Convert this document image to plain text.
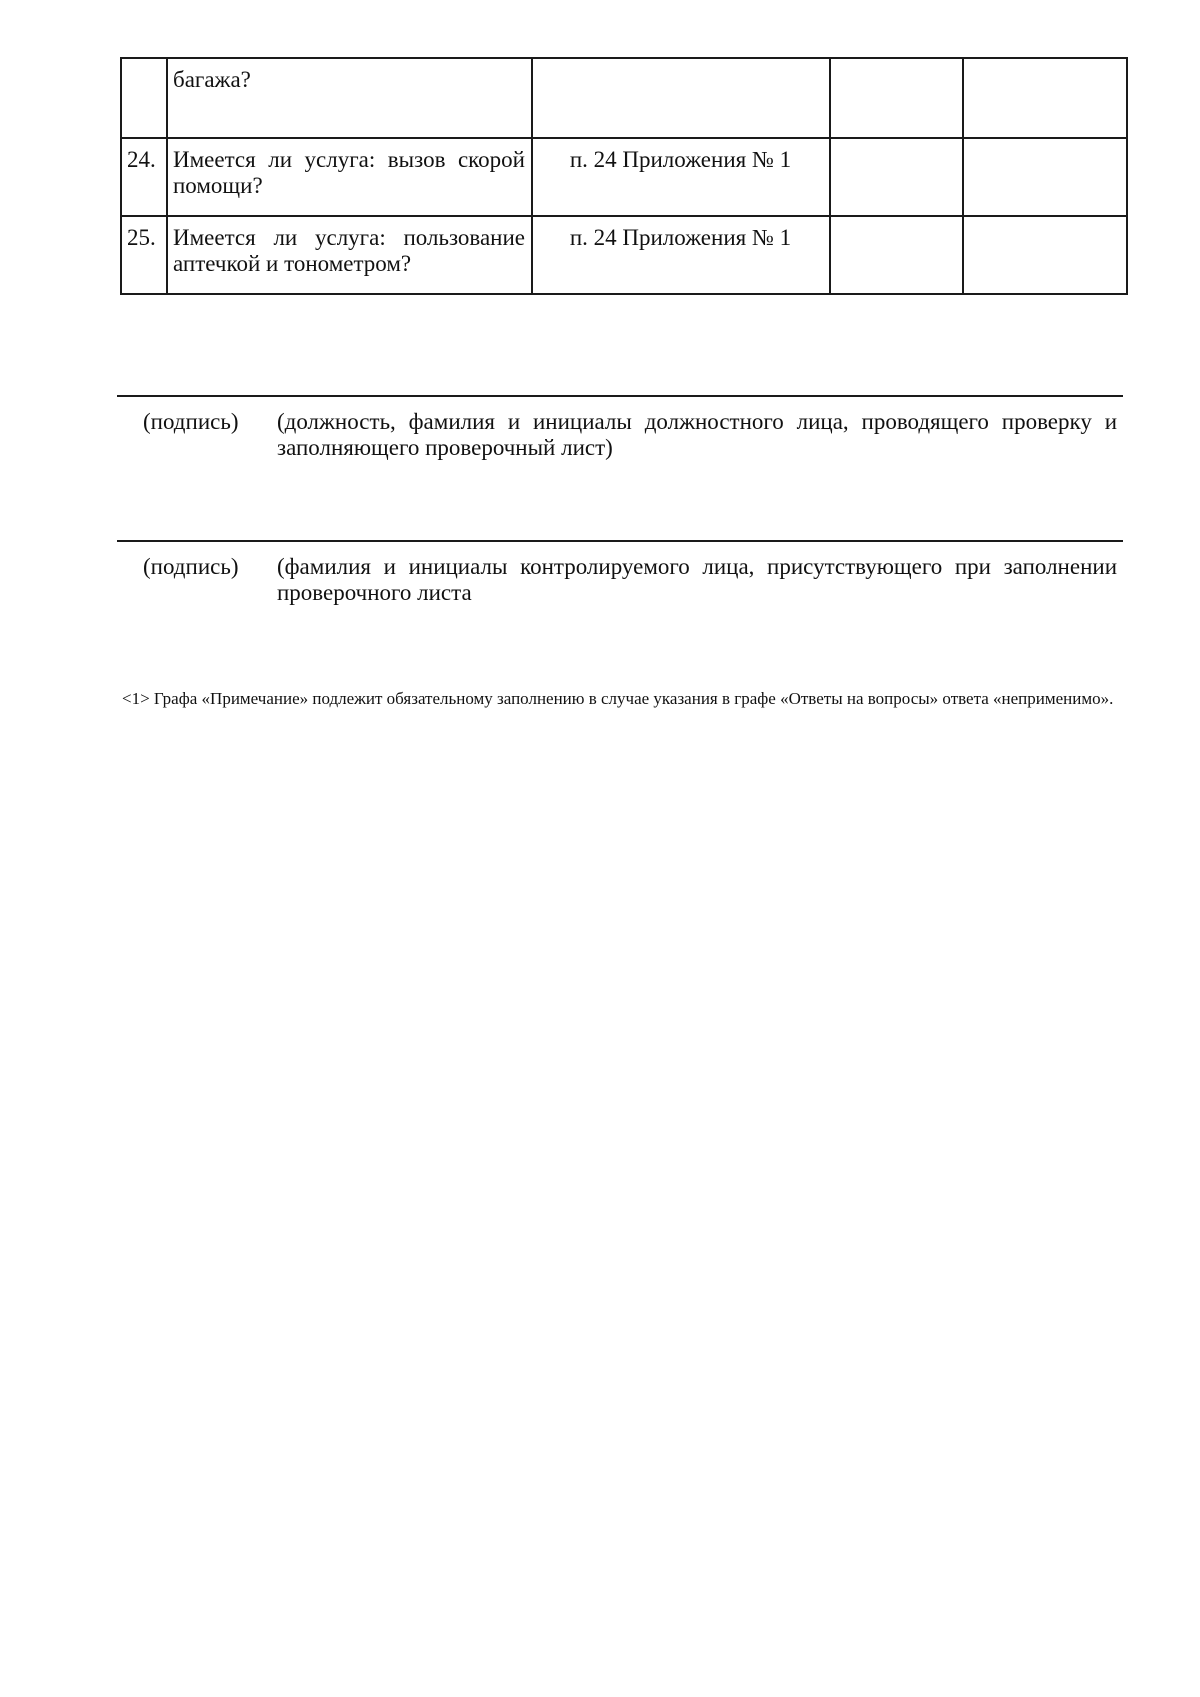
	багажа?			
24.	Имеется ли услуга: вызов скорой помощи?	п. 24 Приложения № 1		
25.	Имеется ли услуга: пользование аптечкой и тонометром?	п. 24 Приложения № 1		
(подпись) (должность, фамилия и инициалы должностного лица, проводящего проверку и заполняющего проверочный лист)
(подпись) (фамилия и инициалы контролируемого лица, присутствующего при заполнении проверочного листа
<1> Графа «Примечание» подлежит обязательному заполнению в случае указания в графе «Ответы на вопросы» ответа «неприменимо».
